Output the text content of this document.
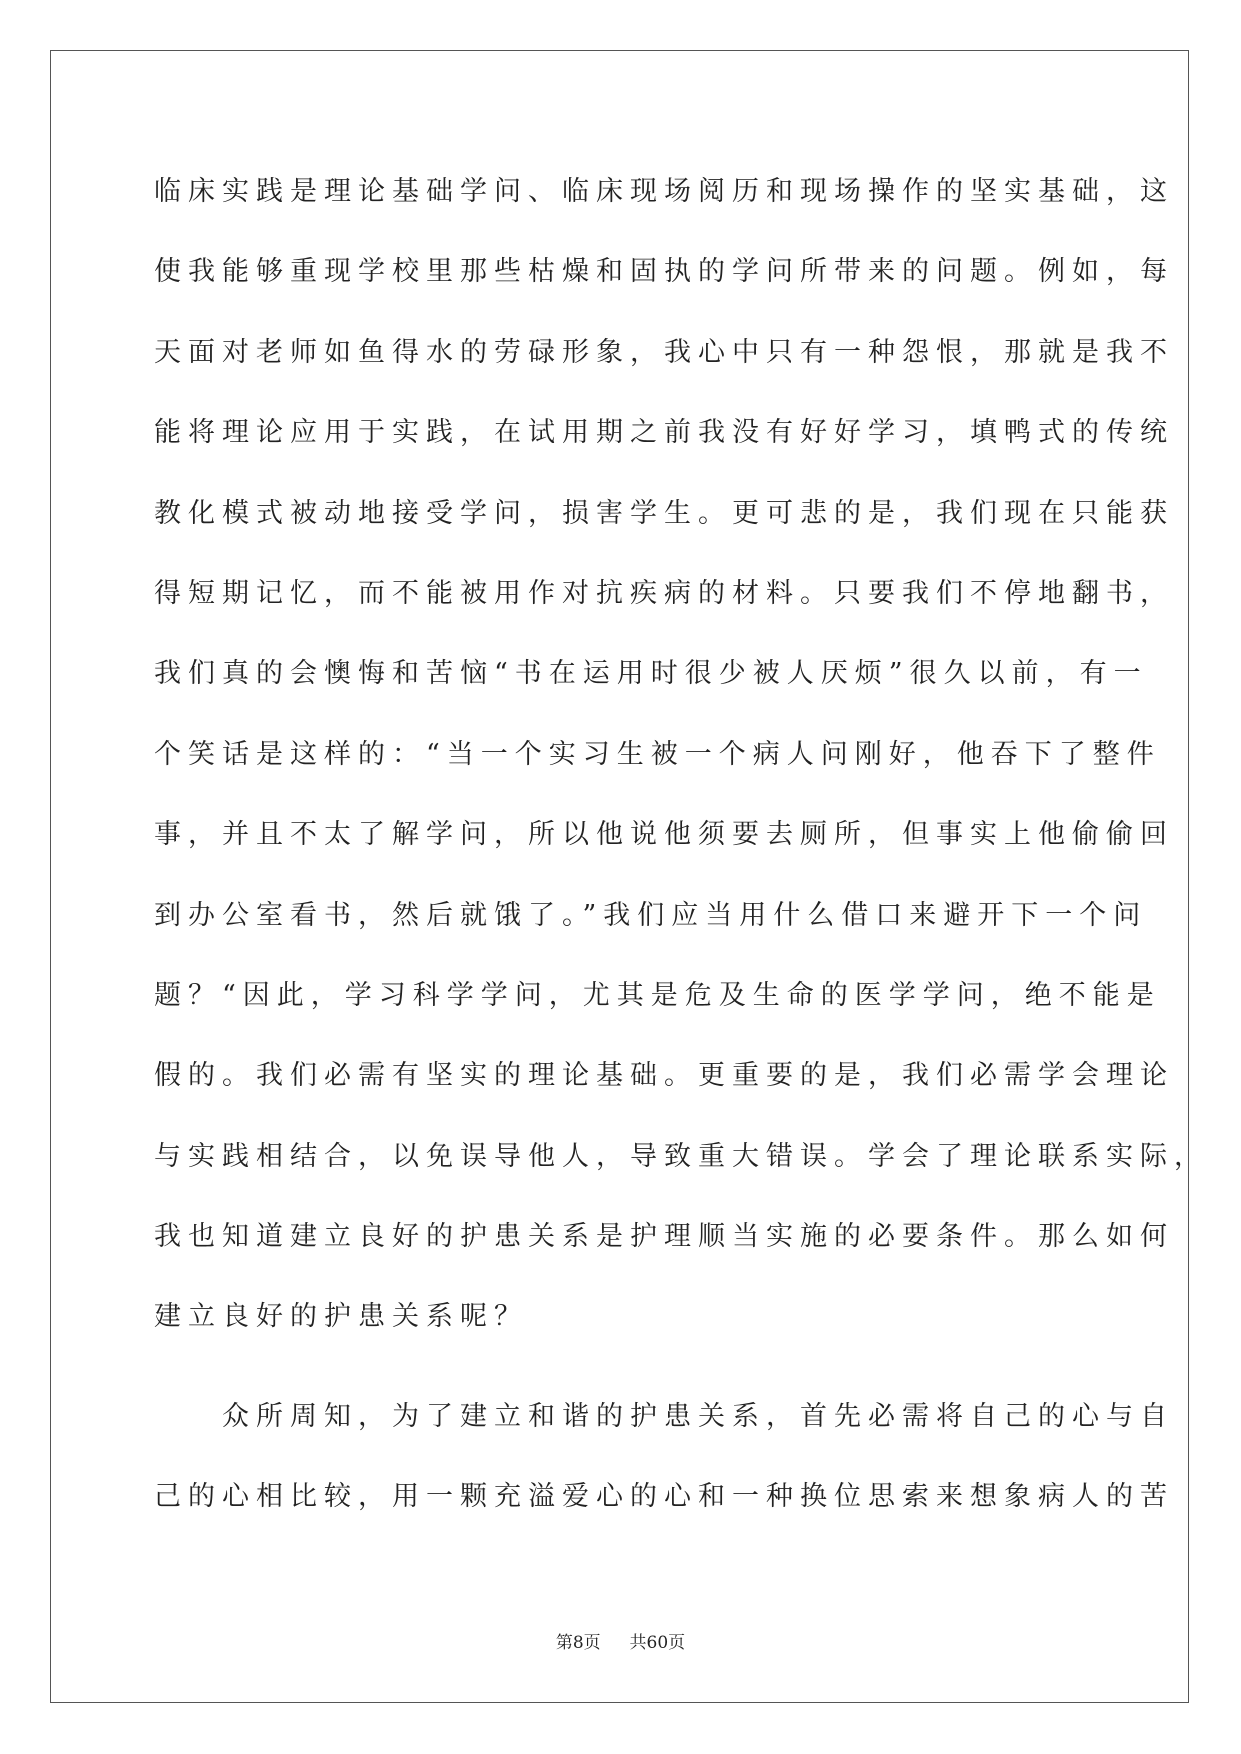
临床实践是理论基础学问、临床现场阅历和现场操作的坚实基础，这
使我能够重现学校里那些枯燥和固执的学问所带来的问题。例如，每
天面对老师如鱼得水的劳碌形象，我心中只有一种怨恨，那就是我不
能将理论应用于实践，在试用期之前我没有好好学习，填鸭式的传统
教化模式被动地接受学问，损害学生。更可悲的是，我们现在只能获
得短期记忆，而不能被用作对抗疾病的材料。只要我们不停地翻书，
我们真的会懊悔和苦恼“书在运用时很少被人厌烦”很久以前，有一
个笑话是这样的：“当一个实习生被一个病人问刚好，他吞下了整件
事，并且不太了解学问，所以他说他须要去厕所，但事实上他偷偷回
到办公室看书，然后就饿了。”我们应当用什么借口来避开下一个问
题？“因此，学习科学学问，尤其是危及生命的医学学问，绝不能是
假的。我们必需有坚实的理论基础。更重要的是，我们必需学会理论
与实践相结合，以免误导他人，导致重大错误。学会了理论联系实际，
我也知道建立良好的护患关系是护理顺当实施的必要条件。那么如何
建立良好的护患关系呢？
众所周知，为了建立和谐的护患关系，首先必需将自己的心与自
己的心相比较，用一颗充溢爱心的心和一种换位思索来想象病人的苦
第8页 共60页
